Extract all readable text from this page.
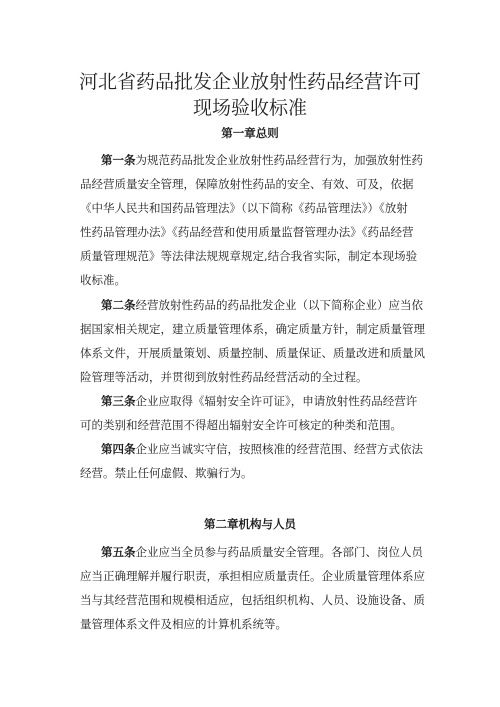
河北省药品批发企业放射性药品经营许可
现场验收标准
第一章总则
第一条为规范药品批发企业放射性药品经营行为，加强放射性药
品经营质量安全管理，保障放射性药品的安全、有效、可及，依据
《中华人民共和国药品管理法》（以下简称《药品管理法》）《放射
性药品管理办法》《药品经营和使用质量监督管理办法》《药品经营
质量管理规范》等法律法规规章规定,结合我省实际，制定本现场验
收标准。
第二条经营放射性药品的药品批发企业（以下简称企业）应当依
据国家相关规定，建立质量管理体系，确定质量方针，制定质量管理
体系文件，开展质量策划、质量控制、质量保证、质量改进和质量风
险管理等活动，并贯彻到放射性药品经营活动的全过程。
第三条企业应取得《辐射安全许可证》，申请放射性药品经营许
可的类别和经营范围不得超出辐射安全许可核定的种类和范围。
第四条企业应当诚实守信，按照核准的经营范围、经营方式依法
经营。禁止任何虚假、欺骗行为。
第二章机构与人员
第五条企业应当全员参与药品质量安全管理。各部门、岗位人员
应当正确理解并履行职责，承担相应质量责任。企业质量管理体系应
当与其经营范围和规模相适应，包括组织机构、人员、设施设备、质
量管理体系文件及相应的计算机系统等。
